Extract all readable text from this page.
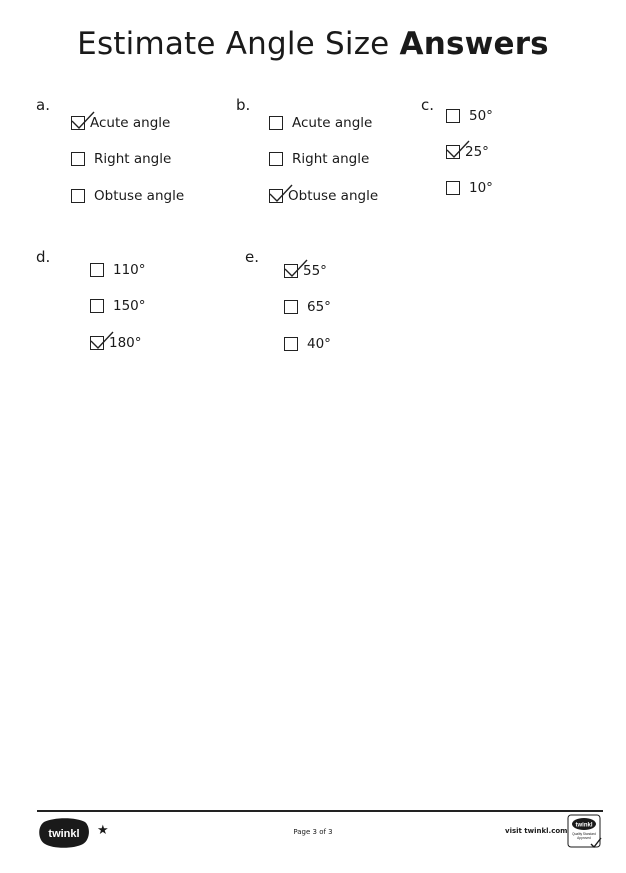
Estimate Angle Size Answers
a.
Acute angle
Right angle
Obtuse angle
b.
Acute angle
Right angle
Obtuse angle
c.
50°
25°
10°
d.
110°
150°
180°
e.
55°
65°
40°
twinkl ★	Page 3 of 3	visit twinkl.com
twinkl
Quality Standard
Approved
